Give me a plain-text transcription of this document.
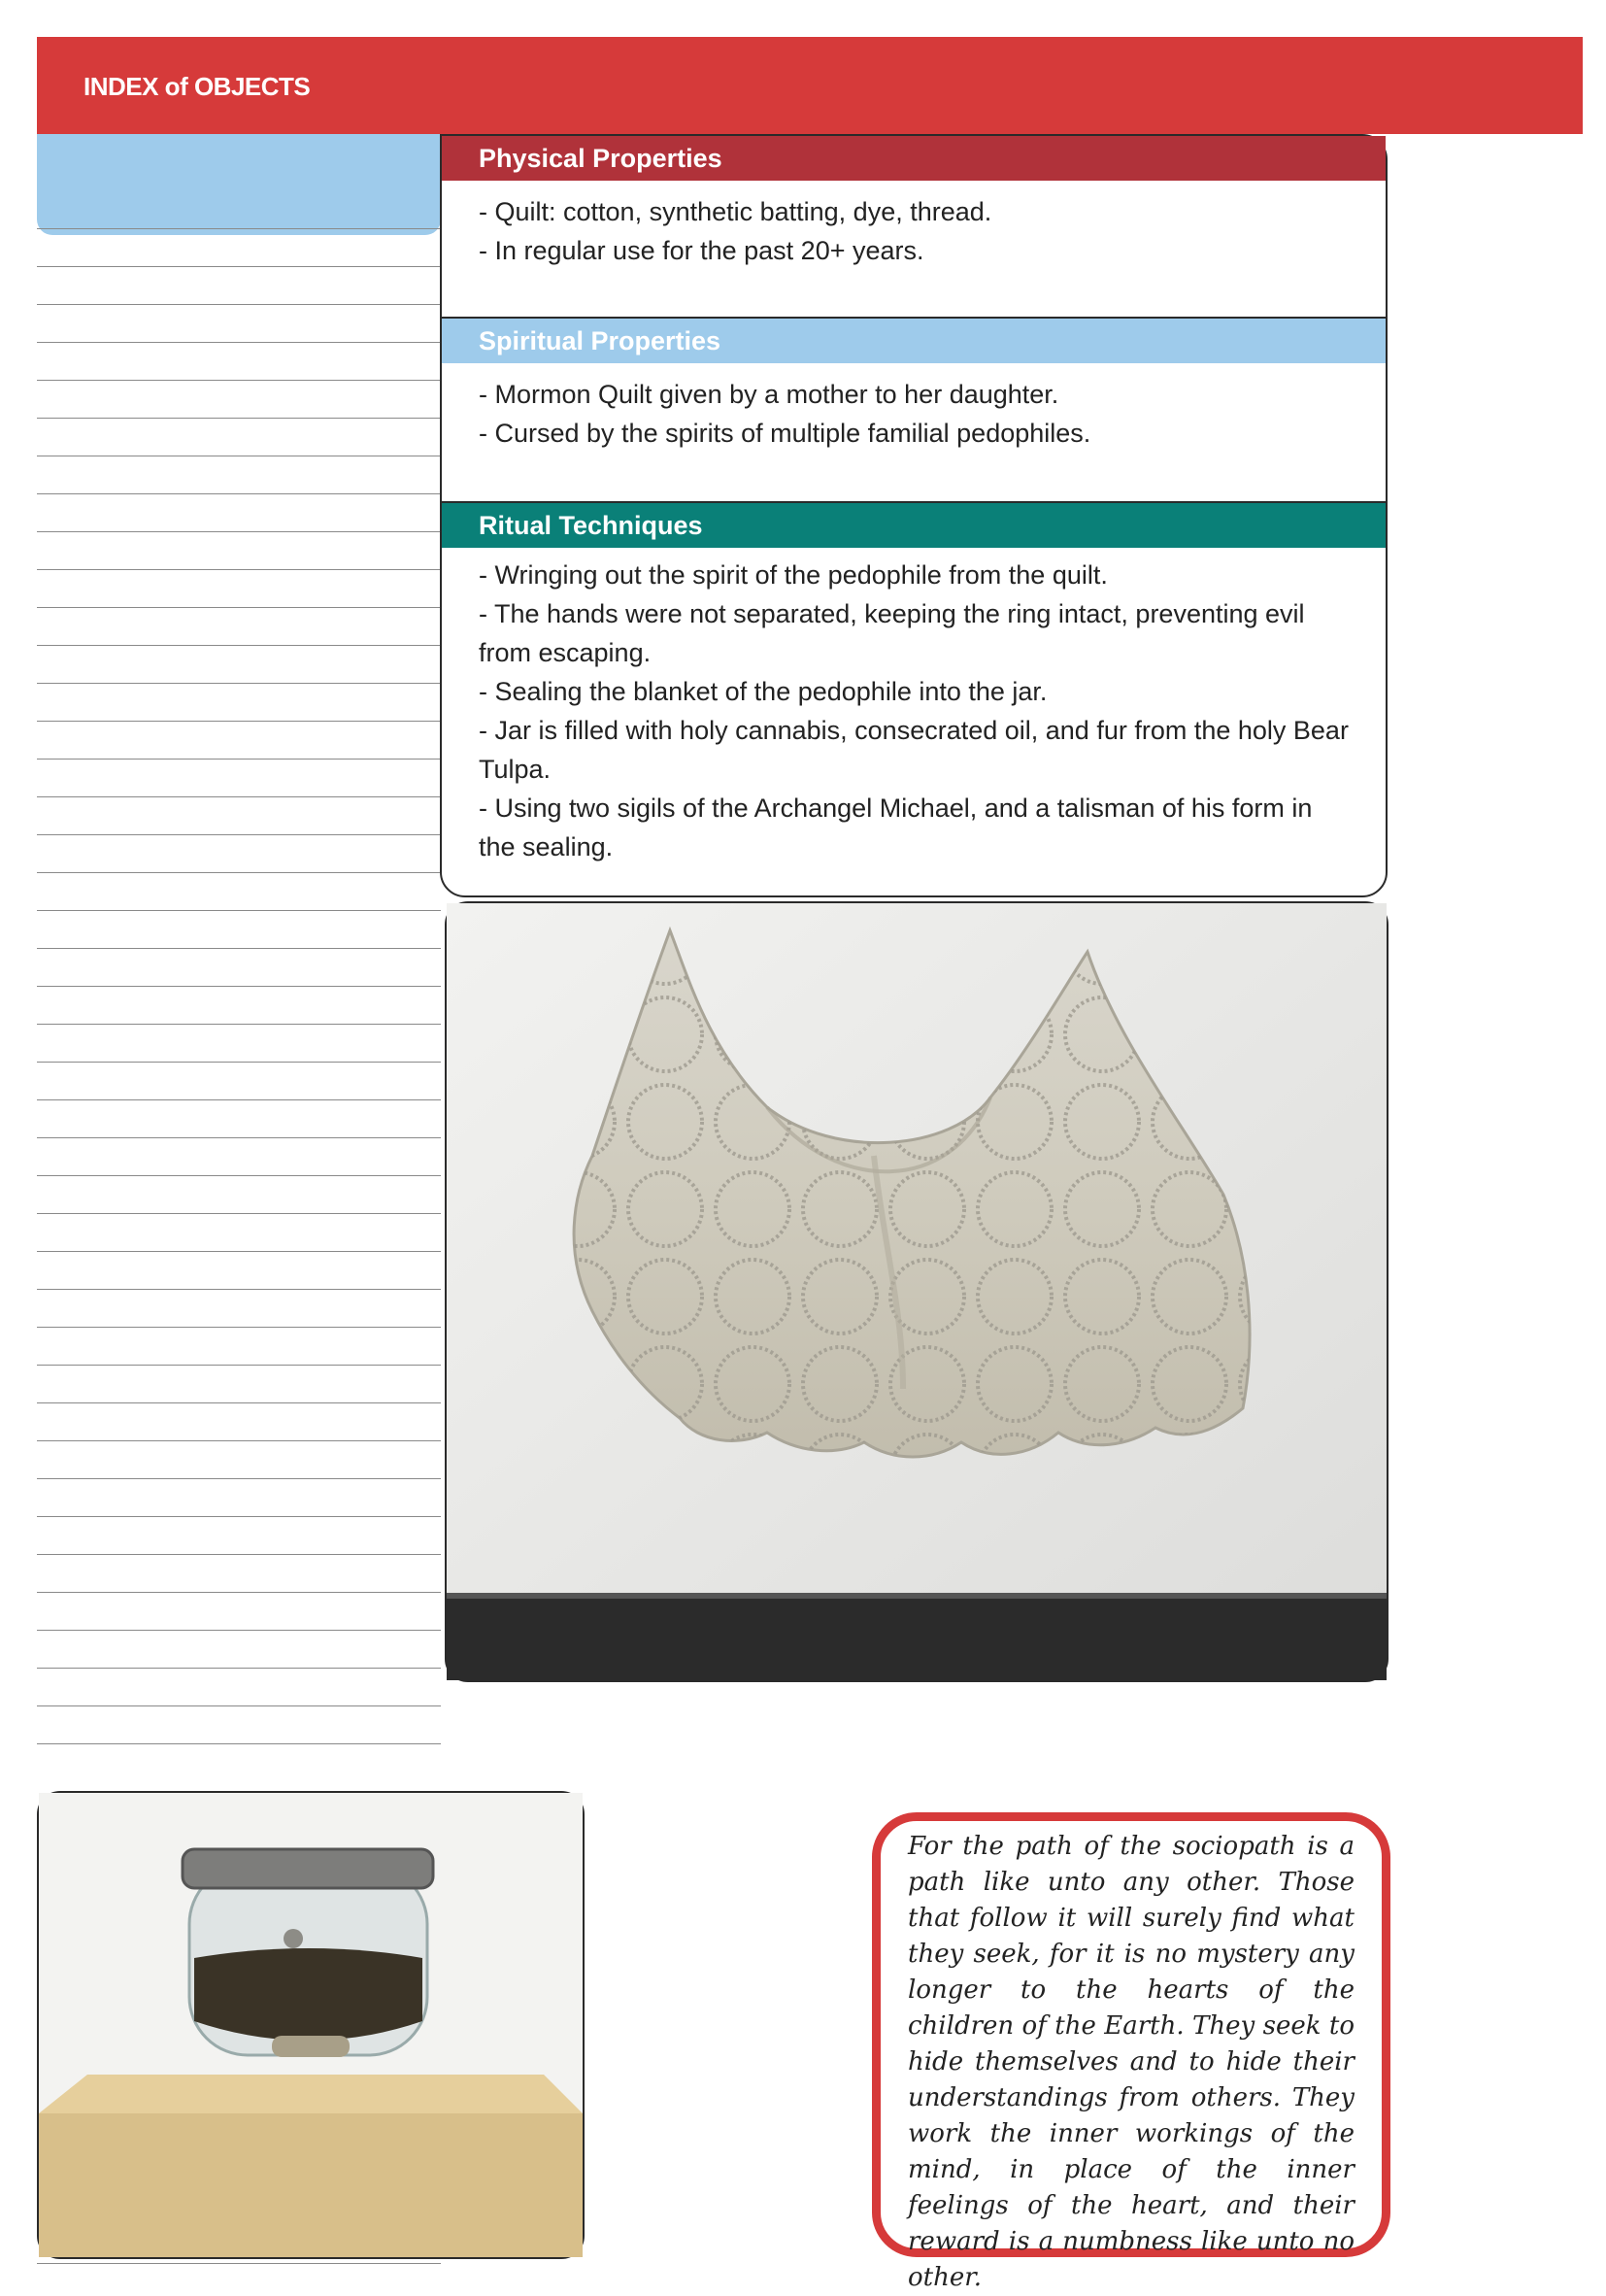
INDEX of OBJECTS
Physical Properties
- Quilt: cotton, synthetic batting, dye, thread.
- In regular use for the past 20+ years.
Spiritual Properties
- Mormon Quilt given by a mother to her daughter.
- Cursed by the spirits of multiple familial pedophiles.
Ritual Techniques
- Wringing out the spirit of the pedophile from the quilt.
- The hands were not separated, keeping the ring intact, preventing evil from escaping.
- Sealing the blanket of the pedophile into the jar.
- Jar is filled with holy cannabis, consecrated oil, and fur from the holy Bear Tulpa.
- Using two sigils of the Archangel Michael, and a talisman of his form in the sealing.
For the path of the sociopath is a path like unto any other. Those that follow it will surely find what they seek, for it is no mystery any longer to the hearts of the children of the Earth. They seek to hide themselves and to hide their understandings from others. They work the inner workings of the mind, in place of the inner feelings of the heart, and their reward is a numbness like unto no other.
